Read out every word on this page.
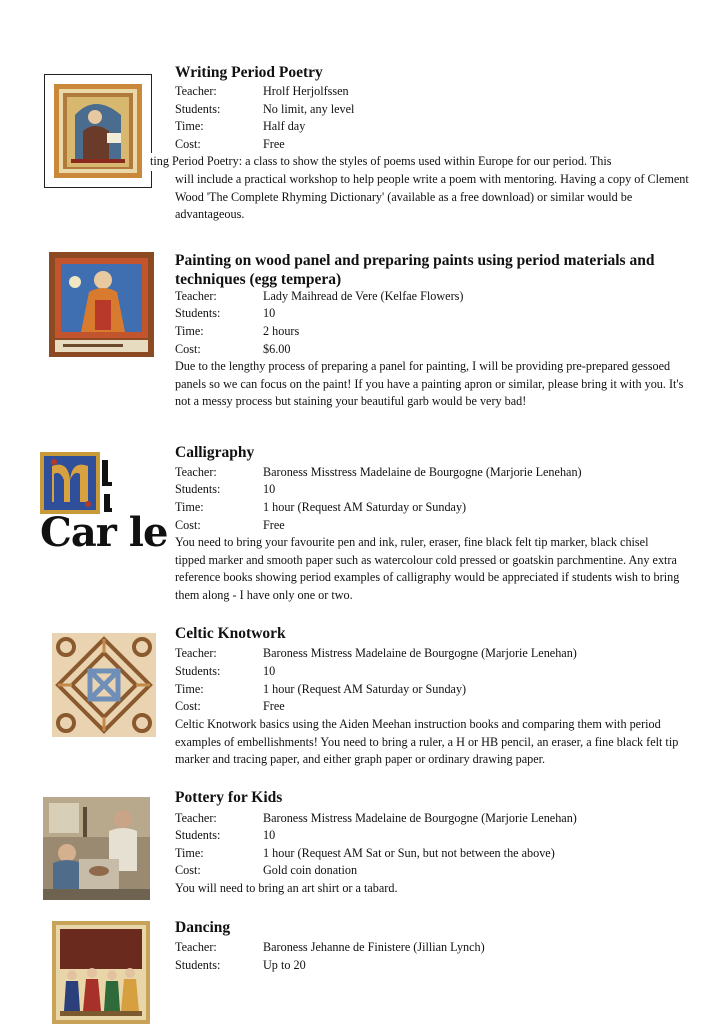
Writing Period Poetry
Teacher:	Hrolf Herjolfssen
Students:	No limit, any level
Time:	Half day
Cost:	Free
ting Period Poetry: a class to show the styles of poems used within Europe for our period. This
will include a practical workshop to help people write a poem with mentoring. Having a copy of Clement Wood 'The Complete Rhyming Dictionary' (available as a free download) or similar would be advantageous.
Painting on wood panel and preparing paints using period materials and techniques (egg tempera)
Teacher:	Lady Maihread de Vere (Kelfae Flowers)
Students:	10
Time:	2 hours
Cost:	$6.00
Due to the lengthy process of preparing a panel for painting, I will be providing pre-prepared gessoed panels so we can focus on the paint! If you have a painting apron or similar, please bring it with you. It's not a messy process but staining your beautiful garb would be very bad!
Car le
Calligraphy
Teacher:	Baroness Misstress Madelaine de Bourgogne (Marjorie Lenehan)
Students:	10
Time:	1 hour (Request AM Saturday or Sunday)
Cost:	Free
You need to bring your favourite pen and ink, ruler, eraser, fine black felt tip marker, black chisel tipped marker and smooth paper such as watercolour cold pressed or goatskin parchmentine. Any extra reference books showing period examples of calligraphy would be appreciated if students wish to bring them along - I have only one or two.
Celtic Knotwork
Teacher:	Baroness Mistress Madelaine de Bourgogne (Marjorie Lenehan)
Students:	10
Time:	1 hour (Request AM Saturday or Sunday)
Cost:	Free
Celtic Knotwork basics using the Aiden Meehan instruction books and comparing them with period examples of embellishments! You need to bring a ruler, a H or HB pencil, an eraser, a fine black felt tip marker and tracing paper, and either graph paper or ordinary drawing paper.
Pottery for Kids
Teacher:	Baroness Mistress Madelaine de Bourgogne (Marjorie Lenehan)
Students:	10
Time:	1 hour (Request AM Sat or Sun, but not between the above)
Cost:	Gold coin donation
You will need to bring an art shirt or a tabard.
Dancing
Teacher:	Baroness Jehanne de Finistere (Jillian Lynch)
Students:	Up to 20
